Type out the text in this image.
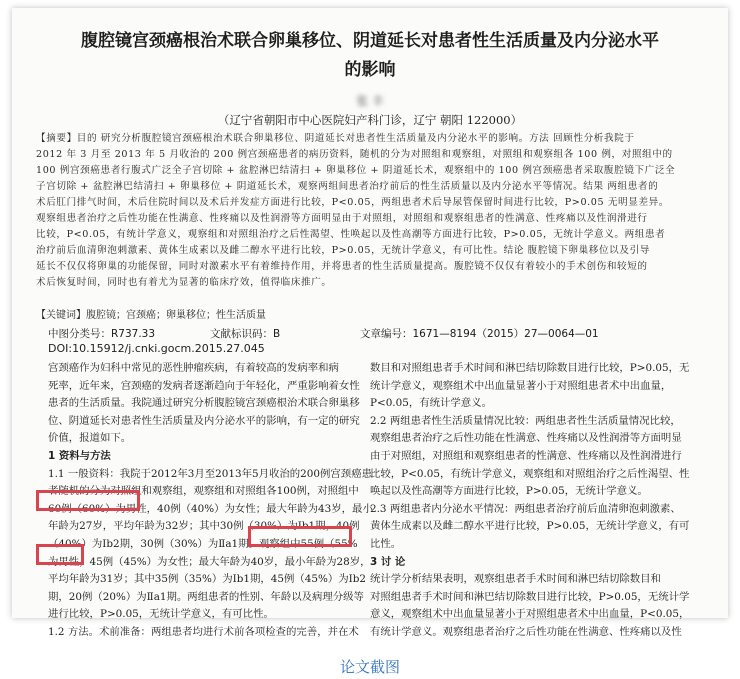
腹腔镜宫颈癌根治术联合卵巢移位、阴道延长对患者性生活质量及内分泌水平
的影响
张 丰
（辽宁省朝阳市中心医院妇产科门诊，辽宁 朝阳 122000）
【摘要】目的 研究分析腹腔镜宫颈癌根治术联合卵巢移位、阴道延长对患者性生活质量及内分泌水平的影响。方法 回顾性分析我院于
2012 年 3 月至 2013 年 5 月收治的 200 例宫颈癌患者的病历资料，随机的分为对照组和观察组，对照组和观察组各 100 例，对照组中的
100 例宫颈癌患者行腹式广泛全子宫切除 + 盆腔淋巴结清扫 + 卵巢移位 + 阴道延长术，观察组中的 100 例宫颈癌患者采取腹腔镜下广泛全
子宫切除 + 盆腔淋巴结清扫 + 卵巢移位 + 阴道延长术，观察两组间患者治疗前后的性生活质量以及内分泌水平等情况。结果 两组患者的
术后肛门排气时间，术后住院时间以及术后并发症方面进行比较，P<0.05，两组患者术后导尿管保留时间进行比较，P>0.05 无明显差异。
观察组患者治疗之后性功能在性满意、性疼痛以及性润滑等方面明显由于对照组，对照组和观察组患者的性满意、性疼痛以及性润滑进行
比较，P<0.05，有统计学意义，观察组和对照组治疗之后性渴望、性唤起以及性高潮等方面进行比较，P>0.05，无统计学意义。两组患者
治疗前后血清卵泡刺激素、黄体生成素以及雌二醇水平进行比较，P>0.05，无统计学意义，有可比性。结论 腹腔镜下卵巢移位以及引导
延长不仅仅将卵巢的功能保留，同时对激素水平有着维持作用，并将患者的性生活质量提高。腹腔镜不仅仅有着较小的手术创伤和较短的
术后恢复时间，同时也有着尤为显著的临床疗效，值得临床推广。
【关键词】腹腔镜；宫颈癌；卵巢移位；性生活质量
中图分类号：R737.33	文献标识码：B	文章编号：1671—8194（2015）27—0064—01
DOI:10.15912/j.cnki.gocm.2015.27.045

宫颈癌作为妇科中常见的恶性肿瘤疾病，有着较高的发病率和病

死率，近年来，宫颈癌的发病者逐渐趋向于年轻化，严重影响着女性

患者的生活质量。我院通过研究分析腹腔镜宫颈癌根治术联合卵巢移

位、阴道延长对患者性生活质量及内分泌水平的影响，有一定的研究

价值，报道如下。

1 资料与方法

1.1 一般资料：我院于2012年3月至2013年5月收治的200例宫颈癌患

者随机的分为对照组和观察组，观察组和对照组各100例，对照组中

60例（60%）为男性，40例（40%）为女性；最大年龄为43岁，最小

年龄为27岁，平均年龄为32岁；其中30例（30%）为Ⅰb1期，40例

（40%）为Ⅰb2期，30例（30%）为Ⅱa1期。观察组中55例（55%

为男性，45例（45%）为女性；最大年龄为40岁，最小年龄为28岁，

平均年龄为31岁；其中35例（35%）为Ⅰb1期，45例（45%）为Ⅰb2

期，20例（20%）为Ⅱa1期。两组患者的性别、年龄以及病理分级等

进行比较，P>0.05，无统计学意义，有可比性。

1.2 方法。术前准备：两组患者均进行术前各项检查的完善，并在术

数目和对照组患者手术时间和淋巴结切除数目进行比较，P>0.05，无

统计学意义，观察组术中出血量显著小于对照组患者术中出血量，

P<0.05，有统计学意义。

2.2 两组患者性生活质量情况比较：两组患者性生活质量情况比较，

观察组患者治疗之后性功能在性满意、性疼痛以及性润滑等方面明显

由于对照组，对照组和观察组患者的性满意、性疼痛以及性润滑进行

比较，P<0.05，有统计学意义，观察组和对照组治疗之后性渴望、性

唤起以及性高潮等方面进行比较，P>0.05，无统计学意义。

2.3 两组患者内分泌水平情况：两组患者治疗前后血清卵泡刺激素、

黄体生成素以及雌二醇水平进行比较，P>0.05，无统计学意义，有可

比性。

3 讨 论

统计学分析结果表明，观察组患者手术时间和淋巴结切除数目和

对照组患者手术时间和淋巴结切除数目进行比较，P>0.05，无统计学

意义，观察组术中出血量显著小于对照组患者术中出血量，P<0.05，

有统计学意义。观察组患者治疗之后性功能在性满意、性疼痛以及性

论文截图
